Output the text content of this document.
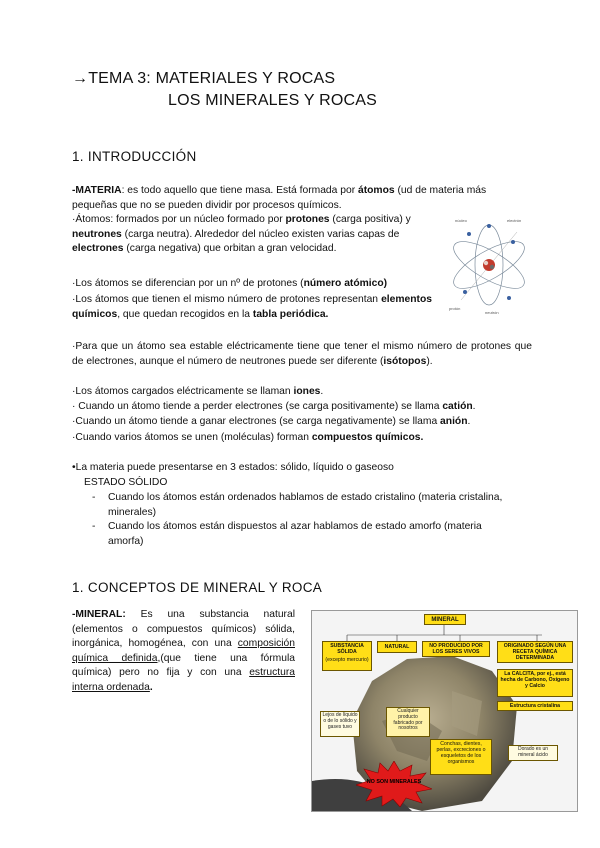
→TEMA 3: MATERIALES Y ROCAS
LOS MINERALES Y ROCAS
1. INTRODUCCIÓN
-MATERIA: es todo aquello que tiene masa. Está formada por átomos (ud de materia más pequeñas que no se pueden dividir por procesos químicos.
·Átomos: formados por un núcleo formado por protones (carga positiva) y neutrones (carga neutra). Alrededor del núcleo existen varias capas de electrones (carga negativa) que orbitan a gran velocidad.
núcleo	electrón
protón
neutrón
·Los átomos se diferencian por un nº de protones (número atómico)
·Los átomos que tienen el mismo número de protones representan elementos químicos, que quedan recogidos en la tabla periódica.
·Para que un átomo sea estable eléctricamente tiene que tener el mismo número de protones que de electrones, aunque el número de neutrones puede ser diferente (isótopos).
·Los átomos cargados eléctricamente se llaman iones.
· Cuando un átomo tiende a perder electrones (se carga positivamente) se llama catión.
·Cuando un átomo tiende a ganar electrones (se carga negativamente) se llama anión.
·Cuando varios átomos se unen (moléculas) forman compuestos químicos.
•La materia puede presentarse en 3 estados: sólido, líquido o gaseoso
ESTADO SÓLIDO
- Cuando los átomos están ordenados hablamos de estado cristalino (materia cristalina, minerales)
- Cuando los átomos están dispuestos al azar hablamos de estado amorfo (materia amorfa)
1. CONCEPTOS DE MINERAL Y ROCA
-MINERAL: Es una substancia natural (elementos o compuestos químicos) sólida, inorgánica, homogénea, con una composición química definida,(que tiene una fórmula química) pero no fija y con una estructura interna ordenada.
MINERAL
SUBSTANCIA SÓLIDA
(excepto mercurio)
NATURAL	NO PRODUCIDO POR LOS SERES VIVOS
ORIGINADO SEGÚN UNA RECETA QUÍMICA DETERMINADA
La CALCITA, por ej., está hecha de Carbono, Oxígeno y Calcio
Estructura cristalina
Lejos de líquido o de lo sólido y gases tuvo
Cualquier producto fabricado por nosotros
Conchas, dientes, perlas, excreciones o esqueletos de los organismos
Dorado es un mineral ácido
NO SON MINERALES
